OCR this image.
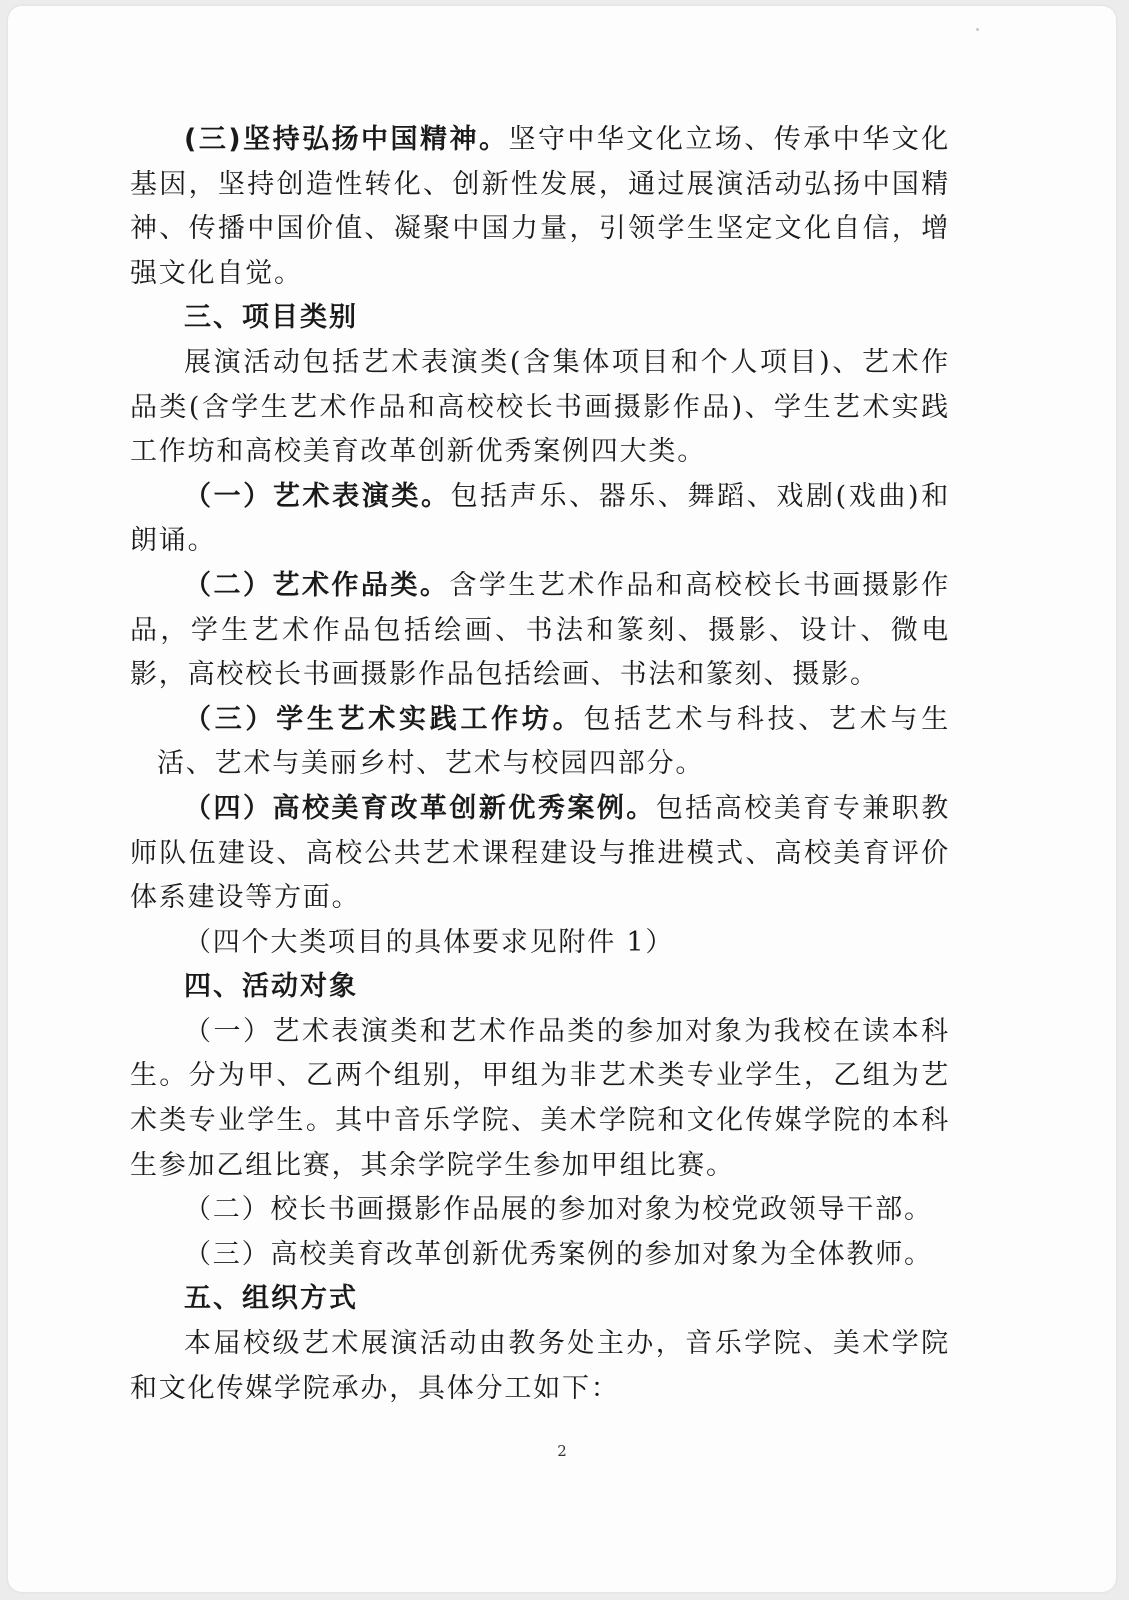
(三)坚持弘扬中国精神。坚守中华文化立场、传承中华文化基因，坚持创造性转化、创新性发展，通过展演活动弘扬中国精神、传播中国价值、凝聚中国力量，引领学生坚定文化自信，增强文化自觉。

三、项目类别

展演活动包括艺术表演类(含集体项目和个人项目)、艺术作品类(含学生艺术作品和高校校长书画摄影作品)、学生艺术实践工作坊和高校美育改革创新优秀案例四大类。

（一）艺术表演类。包括声乐、器乐、舞蹈、戏剧(戏曲)和朗诵。

（二）艺术作品类。含学生艺术作品和高校校长书画摄影作品，学生艺术作品包括绘画、书法和篆刻、摄影、设计、微电影，高校校长书画摄影作品包括绘画、书法和篆刻、摄影。

（三）学生艺术实践工作坊。包括艺术与科技、艺术与生活、艺术与美丽乡村、艺术与校园四部分。

（四）高校美育改革创新优秀案例。包括高校美育专兼职教师队伍建设、高校公共艺术课程建设与推进模式、高校美育评价体系建设等方面。

（四个大类项目的具体要求见附件 1）

四、活动对象

（一）艺术表演类和艺术作品类的参加对象为我校在读本科生。分为甲、乙两个组别，甲组为非艺术类专业学生，乙组为艺术类专业学生。其中音乐学院、美术学院和文化传媒学院的本科生参加乙组比赛，其余学院学生参加甲组比赛。

（二）校长书画摄影作品展的参加对象为校党政领导干部。

（三）高校美育改革创新优秀案例的参加对象为全体教师。

五、组织方式

本届校级艺术展演活动由教务处主办，音乐学院、美术学院和文化传媒学院承办，具体分工如下：

2
